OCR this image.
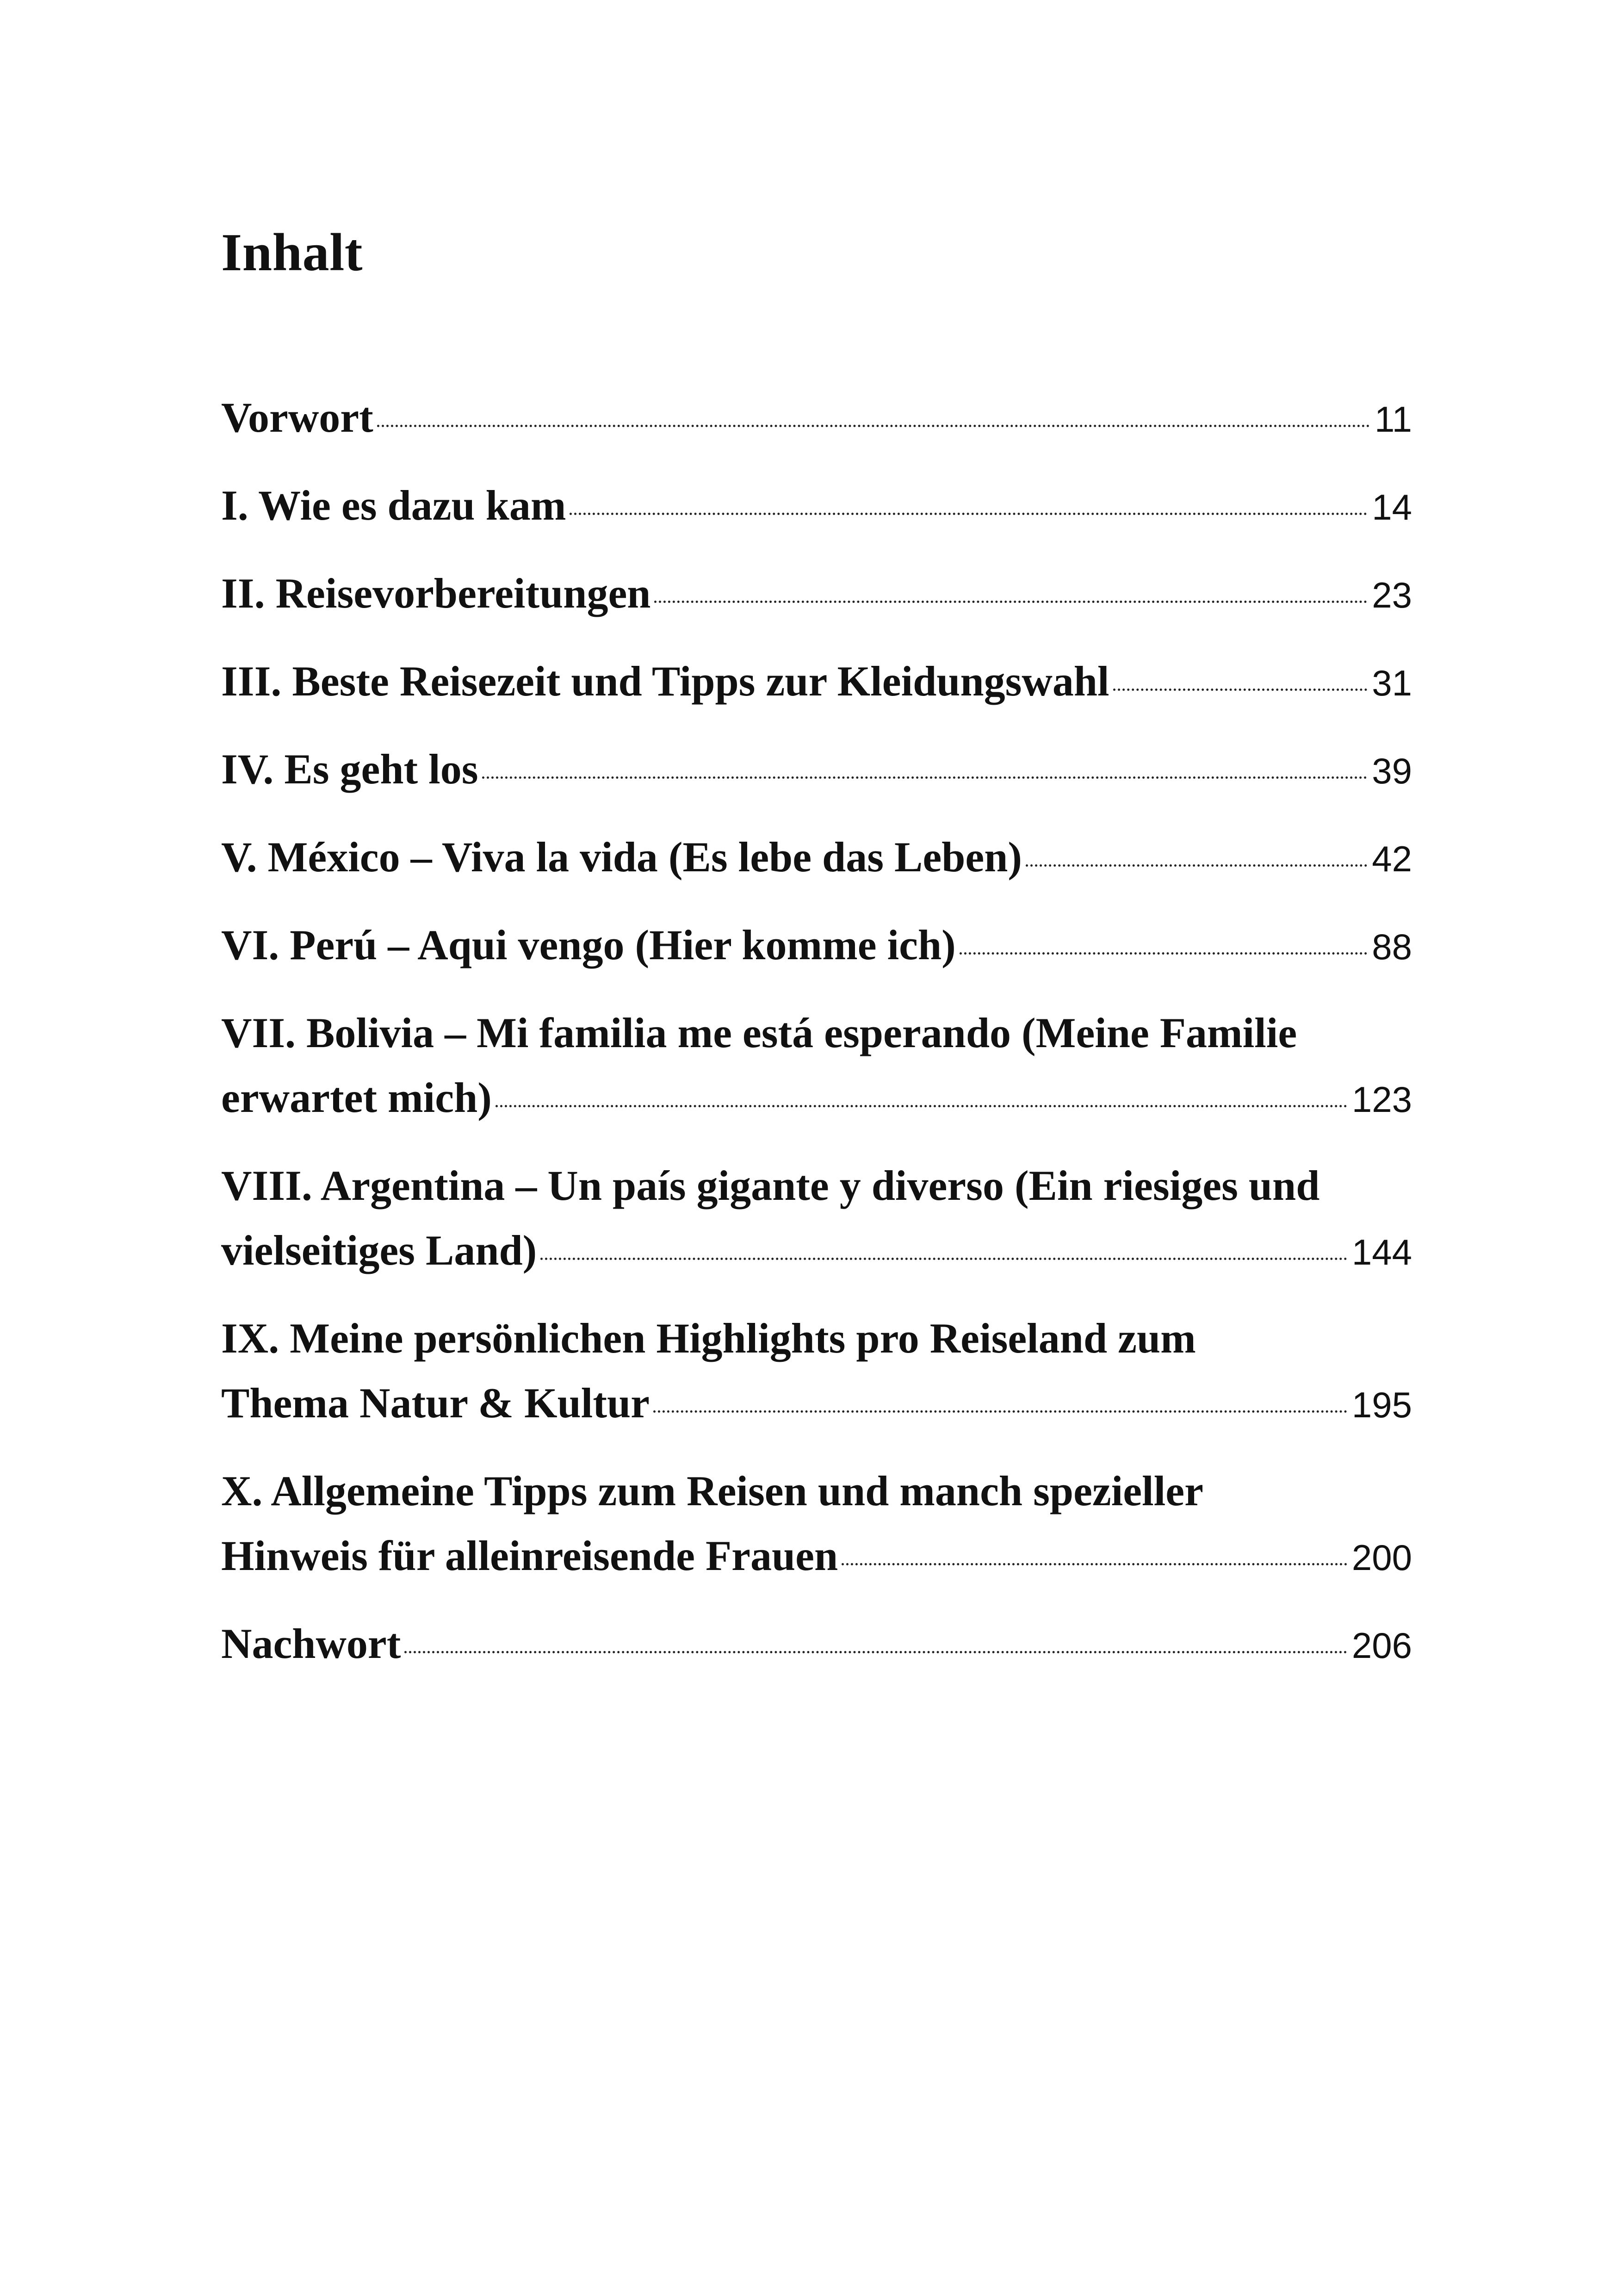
Inhalt
Vorwort	11
I. Wie es dazu kam	14
II. Reisevorbereitungen	23
III. Beste Reisezeit und Tipps zur Kleidungswahl	31
IV. Es geht los	39
V. México – Viva la vida (Es lebe das Leben)	42
VI. Perú – Aqui vengo (Hier komme ich)	88
VII. Bolivia – Mi familia me está esperando (Meine Familie
erwartet mich)	123
VIII. Argentina – Un país gigante y diverso (Ein riesiges und
vielseitiges Land)	144
IX. Meine persönlichen Highlights pro Reiseland zum
Thema Natur & Kultur	195
X. Allgemeine Tipps zum Reisen und manch spezieller
Hinweis für alleinreisende Frauen	200
Nachwort	206
